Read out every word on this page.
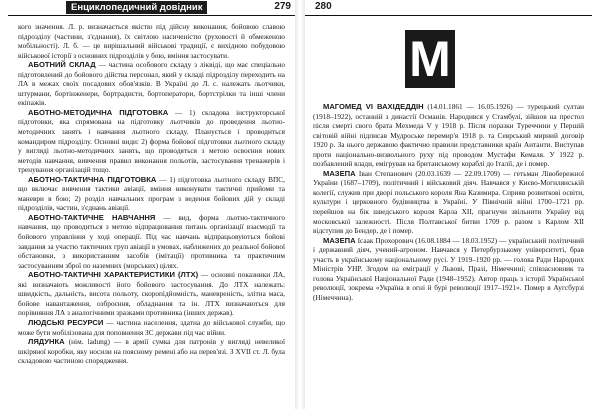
Енциклопедичний довідник	279

кого значення. Л. р. визначається якістю під дійсну виконання, бойовою славою підрозділу (частини, з'єднання), їх світлою насиченістю (руховості й обмеженою мобільності). Л. б. — це вирішальний військові традиції, є вихідною побудовою військової історії з основних підрозділів у бою, вміння застосувати.

АБОТНИЙ СКЛАД — частина особового складу з ліквіді, що має спеціально підготовлений до бойового дійства персонал, який у складі підрозділу переходить на ЛА в межах своїх посадових обов'язків. В Україні до Л. с. належать льотчики, штурмани, бортінженери, бортрадисти, бортоператори, бортстрілки та інші члени екіпажів.

АБОТНО-МЕТОДИЧНА ПІДГОТОВКА — 1) складова інструкторської підготовки, яка спрямована на підготовку льотчиків до проведення льотно-методичних занять і навчання льотного складу. Планується і проводиться командиром підрозділу. Основні види: 2) форма бойової підготовки льотного складу у вигляді льотно-методичних занять, що проводяться з метою освоєння нових методів навчання, вивчення правил виконання польотів, застосування тренажерів і тренування організацій тощо.

АБОТНО-ТАКТИЧНА ПІДГОТОВКА — 1) підготовка льотного складу ВПС, що включає вивчення тактики авіації, вміння виконувати тактичні прийоми та маневри в бою; 2) розділ навчальних програм з ведення бойових дій у складі підрозділів, частин, з'єднань авіації.

АБОТНО-ТАКТИЧНЕ НАВЧАННЯ — вид, форма льотно-тактичного навчання, що проводиться з метою відпрацювання питань організації взаємодії та бойового управління у ході операції. Під час навчань відпрацьовуються бойові завдання за участю тактичних груп авіації в умовах, наближених до реальної бойової обстановки, з використанням засобів (імітації) противника та практичним застосуванням зброї по наземних (морських) цілях.

АБОТНО-ТАКТИЧНІ ХАРАКТЕРИСТИКИ (ЛТХ) — основні показники ЛА, які визначають можливості його бойового застосування. До ЛТХ належать: швидкість, дальність, висота польоту, скоропідйомність, маневреність, злітна маса, бойове навантаження, озброєння, обладнання та ін. ЛТХ визначаються для порівняння ЛА з аналогічними зразками противника (інших держав).

ЛЮДСЬКІ РЕСУРСИ — частина населення, здатна до військової служби, що може бути мобілізована для поповнення ЗС держави під час війни.

ЛЯДУНКА (нім. ladung) — в армії сумка для патронів у вигляді невеликої шкіряної коробки, яку носили на поясному ремені або на перев'язі. З XVII ст. Л. була складовою частиною спорядження.

280
М

МАГОМЕД VI ВАХІДЕДДІН (14.01.1861 — 16.05.1926) — турецький султан (1918–1922), останній з династії Османів. Народився у Стамбулі, зійшов на престол після смерті свого брата Мехмеда V у 1918 р. Після поразки Туреччини у Першій світовій війні підписав Мудроське перемир'я 1918 р. та Севрський мирний договір 1920 р. За нього державою фактично правили представники країн Антанти. Виступав проти національно-визвольного руху під проводом Мустафи Кемаля. У 1922 р. позбавлений влади, емігрував на британському кораблі до Італії, де і помер.

МАЗЕПА Іван Степанович (20.03.1639 — 22.09.1709) — гетьман Лівобережної України (1687–1709), політичний і військовий діяч. Навчався у Києво-Могилянській колегії, служив при дворі польського короля Яна Казимира. Сприяв розвиткові освіти, культури і церковного будівництва в Україні. У Північній війні 1700–1721 рр. перейшов на бік шведського короля Карла XII, прагнучи звільнити Україну від московської залежності. Після Полтавської битви 1709 р. разом з Карлом XII відступив до Бендер, де і помер.

МАЗЕПА Ісаак Прохорович (16.08.1884 — 18.03.1952) — український політичний і державний діяч, учений-агроном. Навчався у Петербурзькому університеті, брав участь в українському національному русі. У 1919–1920 рр. — голова Ради Народних Міністрів УНР. Згодом на еміграції у Львові, Празі, Німеччині; співзасновник та голова Української Національної Ради (1948–1952). Автор праць з історії Української революції, зокрема «Україна в огні й бурі революції 1917–1921». Помер в Аугсбурзі (Німеччина).
